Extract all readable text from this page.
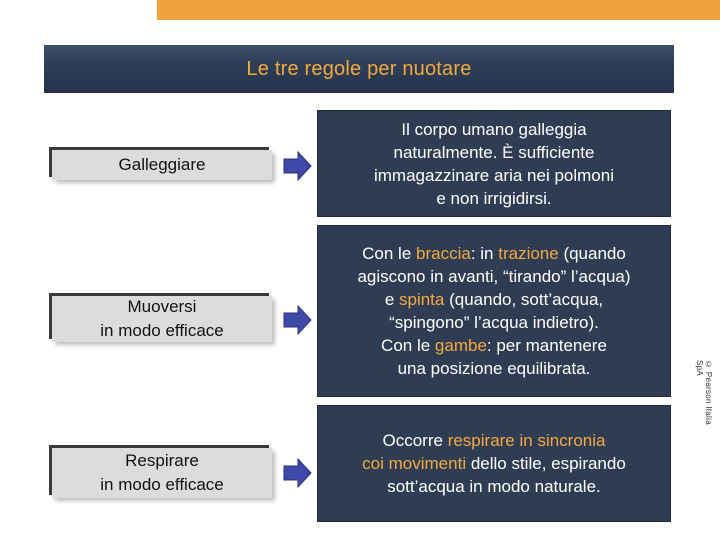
Le tre regole per nuotare
Galleggiare
Il corpo umano galleggia
naturalmente. È sufficiente
immagazzinare aria nei polmoni
e non irrigidirsi.
Muoversi
in modo efficace
Con le braccia: in trazione (quando
agiscono in avanti, “tirando” l’acqua)
e spinta (quando, sott’acqua,
“spingono” l’acqua indietro).
Con le gambe: per mantenere
una posizione equilibrata.
Respirare
in modo efficace
Occorre respirare in sincronia
coi movimenti dello stile, espirando
sott’acqua in modo naturale.
© Pearson Italia SpA
